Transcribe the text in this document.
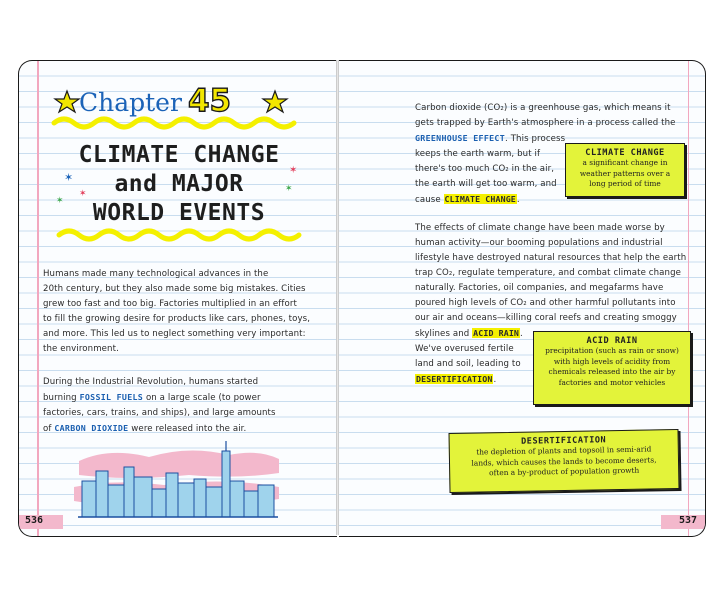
✶
✶
✶
✶
✶
Chapter 45
CLIMATE CHANGE
and MAJOR
WORLD EVENTS
Humans made many technological advances in the
20th century, but they also made some big mistakes. Cities
grew too fast and too big. Factories multiplied in an effort
to fill the growing desire for products like cars, phones, toys,
and more. This led us to neglect something very important:
the environment.
During the Industrial Revolution, humans started
burning FOSSIL FUELS on a large scale (to power
factories, cars, trains, and ships), and large amounts
of CARBON DIOXIDE were released into the air.
536
Carbon dioxide (CO₂) is a greenhouse gas, which means it
gets trapped by Earth's atmosphere in a process called the
GREENHOUSE EFFECT. This process
keeps the earth warm, but if
there's too much CO₂ in the air,
the earth will get too warm, and
cause CLIMATE CHANGE.
CLIMATE CHANGE
a significant change in
weather patterns over a
long period of time
The effects of climate change have been made worse by
human activity—our booming populations and industrial
lifestyle have destroyed natural resources that help the earth
trap CO₂, regulate temperature, and combat climate change
naturally. Factories, oil companies, and megafarms have
poured high levels of CO₂ and other harmful pollutants into
our air and oceans—killing coral reefs and creating smoggy
skylines and ACID RAIN.
We've overused fertile
land and soil, leading to
DESERTIFICATION.
ACID RAIN
precipitation (such as rain or snow)
with high levels of acidity from
chemicals released into the air by
factories and motor vehicles
DESERTIFICATION
the depletion of plants and topsoil in semi-arid
lands, which causes the lands to become deserts,
often a by-product of population growth
537
